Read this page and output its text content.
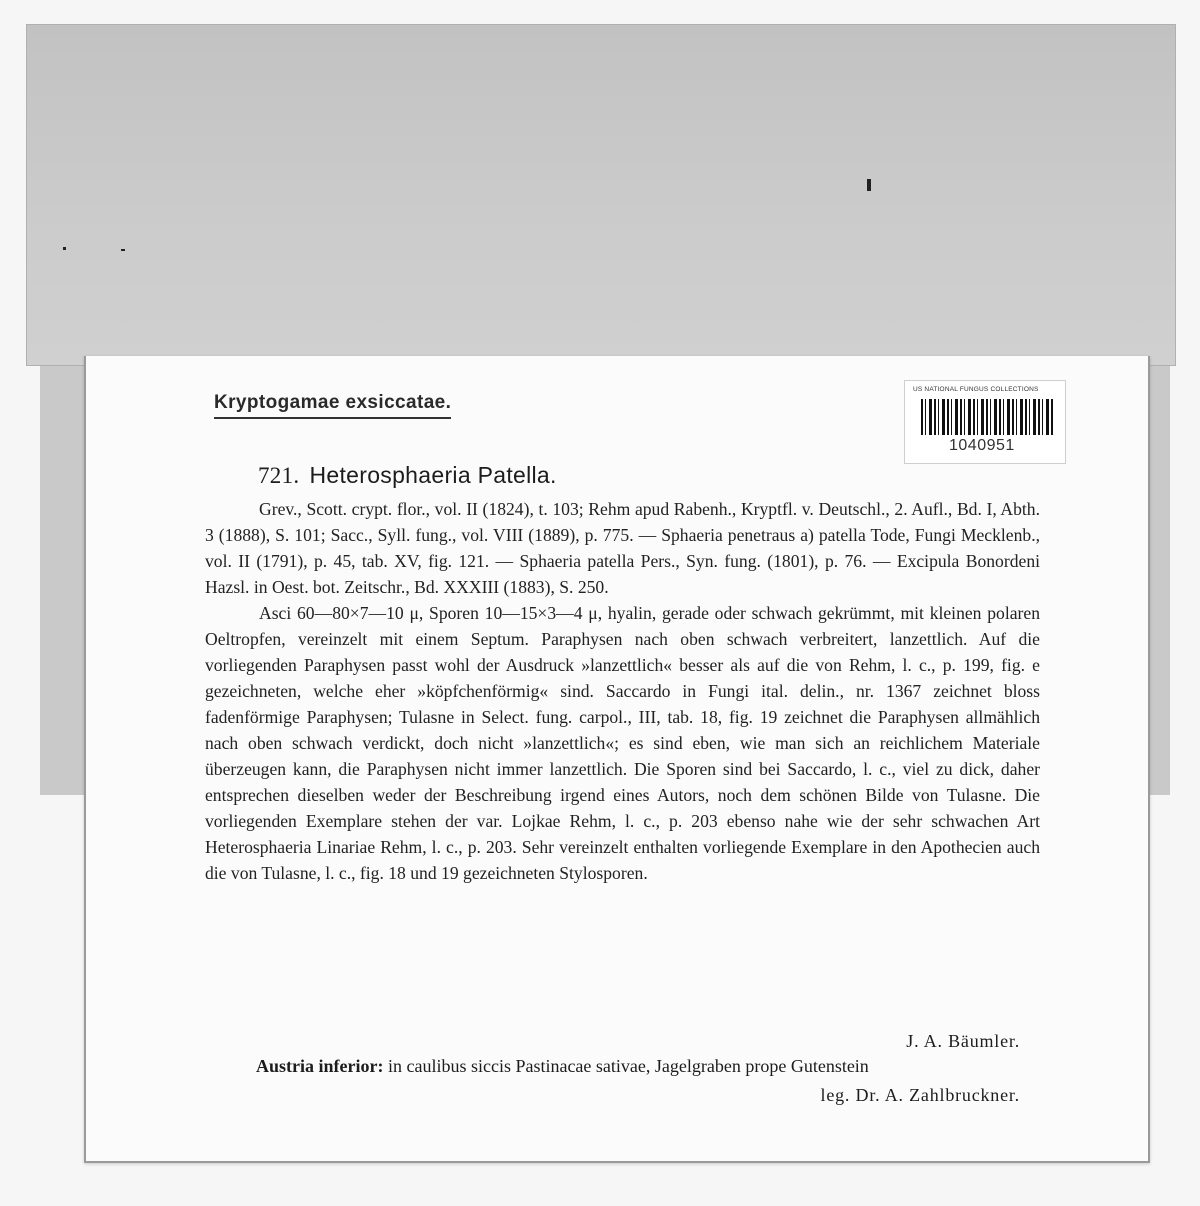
Kryptogamae exsiccatae.
US NATIONAL FUNGUS COLLECTIONS
1040951
721. Heterosphaeria Patella.

Grev., Scott. crypt. flor., vol. II (1824), t. 103; Rehm apud Rabenh., Kryptfl. v. Deutschl., 2. Aufl., Bd. I, Abth. 3 (1888), S. 101; Sacc., Syll. fung., vol. VIII (1889), p. 775. — Sphaeria penetraus a) patella Tode, Fungi Mecklenb., vol. II (1791), p. 45, tab. XV, fig. 121. — Sphaeria patella Pers., Syn. fung. (1801), p. 76. — Excipula Bonordeni Hazsl. in Oest. bot. Zeitschr., Bd. XXXIII (1883), S. 250.

Asci 60—80×7—10 μ, Sporen 10—15×3—4 μ, hyalin, gerade oder schwach gekrümmt, mit kleinen polaren Oeltropfen, vereinzelt mit einem Septum. Paraphysen nach oben schwach verbreitert, lanzettlich. Auf die vorliegenden Paraphysen passt wohl der Ausdruck »lanzettlich« besser als auf die von Rehm, l. c., p. 199, fig. e gezeichneten, welche eher »köpfchenförmig« sind. Saccardo in Fungi ital. delin., nr. 1367 zeichnet bloss fadenförmige Paraphysen; Tulasne in Select. fung. carpol., III, tab. 18, fig. 19 zeichnet die Paraphysen allmählich nach oben schwach verdickt, doch nicht »lanzettlich«; es sind eben, wie man sich an reichlichem Materiale überzeugen kann, die Paraphysen nicht immer lanzettlich. Die Sporen sind bei Saccardo, l. c., viel zu dick, daher entsprechen dieselben weder der Beschreibung irgend eines Autors, noch dem schönen Bilde von Tulasne. Die vorliegenden Exemplare stehen der var. Lojkae Rehm, l. c., p. 203 ebenso nahe wie der sehr schwachen Art Heterosphaeria Linariae Rehm, l. c., p. 203. Sehr vereinzelt enthalten vorliegende Exemplare in den Apothecien auch die von Tulasne, l. c., fig. 18 und 19 gezeichneten Stylosporen.

J. A. Bäumler.
Austria inferior: in caulibus siccis Pastinacae sativae, Jagelgraben prope Gutenstein
leg. Dr. A. Zahlbruckner.
